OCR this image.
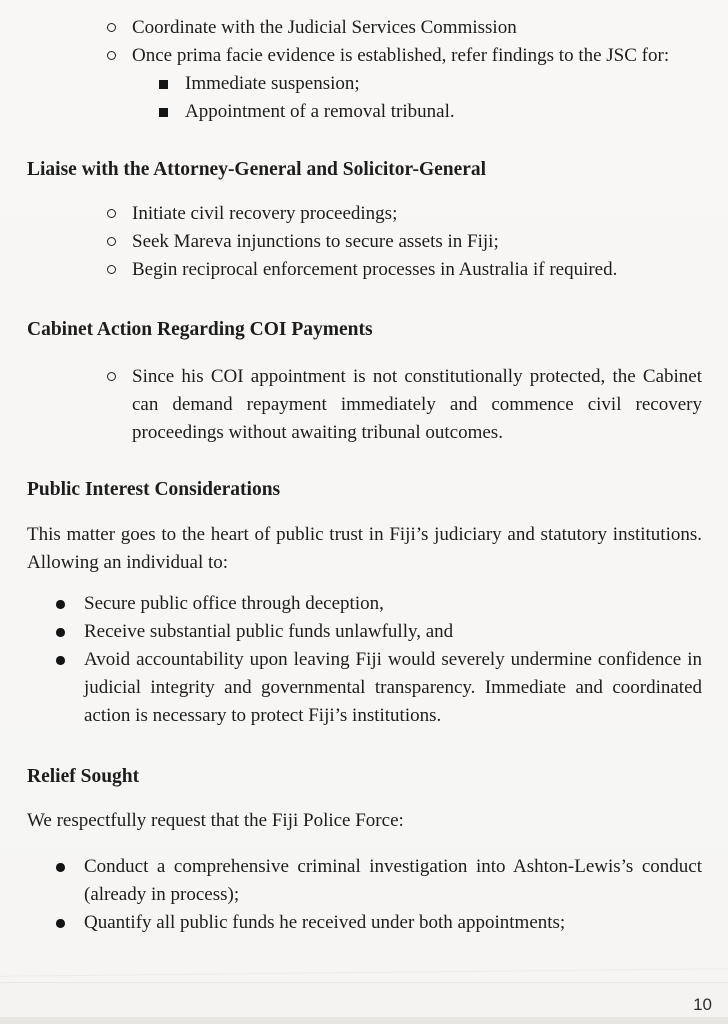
Coordinate with the Judicial Services Commission
Once prima facie evidence is established, refer findings to the JSC for:
Immediate suspension;
Appointment of a removal tribunal.
Liaise with the Attorney-General and Solicitor-General
Initiate civil recovery proceedings;
Seek Mareva injunctions to secure assets in Fiji;
Begin reciprocal enforcement processes in Australia if required.
Cabinet Action Regarding COI Payments
Since his COI appointment is not constitutionally protected, the Cabinet can demand repayment immediately and commence civil recovery proceedings without awaiting tribunal outcomes.
Public Interest Considerations
This matter goes to the heart of public trust in Fiji’s judiciary and statutory institutions. Allowing an individual to:
Secure public office through deception,
Receive substantial public funds unlawfully, and
Avoid accountability upon leaving Fiji would severely undermine confidence in judicial integrity and governmental transparency. Immediate and coordinated action is necessary to protect Fiji’s institutions.
Relief Sought
We respectfully request that the Fiji Police Force:
Conduct a comprehensive criminal investigation into Ashton-Lewis’s conduct (already in process);
Quantify all public funds he received under both appointments;
10
